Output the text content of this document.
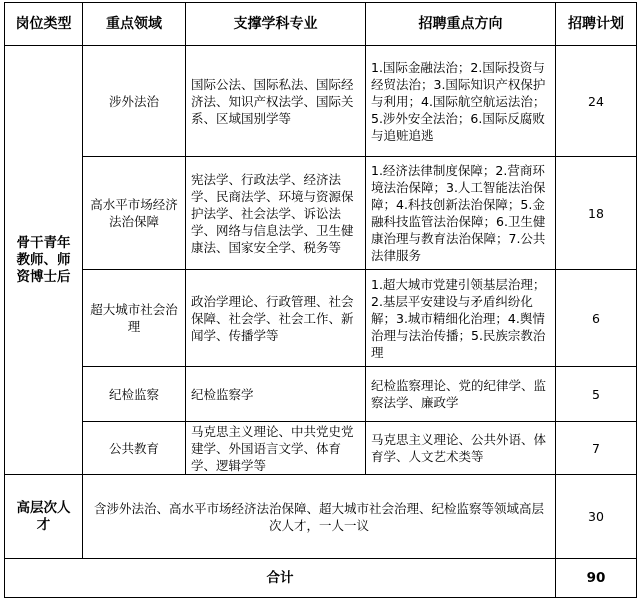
岗位类型	重点领域	支撑学科专业	招聘重点方向	招聘计划
骨干青年教师、师资博士后	涉外法治	国际公法、国际私法、国际经济法、知识产权法学、国际关系、区域国别学等	1.国际金融法治；2.国际投资与经贸法治；3.国际知识产权保护与利用；4.国际航空航运法治；5.涉外安全法治；6.国际反腐败与追赃追逃	24
	高水平市场经济法治保障	宪法学、行政法学、经济法学、民商法学、环境与资源保护法学、社会法学、诉讼法学、网络与信息法学、卫生健康法、国家安全学、税务等	1.经济法律制度保障；2.营商环境法治保障；3.人工智能法治保障；4.科技创新法治保障；5.金融科技监管法治保障；6.卫生健康治理与教育法治保障；7.公共法律服务	18
	超大城市社会治理	政治学理论、行政管理、社会保障、社会学、社会工作、新闻学、传播学等	1.超大城市党建引领基层治理；2.基层平安建设与矛盾纠纷化解；3.城市精细化治理；4.舆情治理与法治传播；5.民族宗教治理	6
	纪检监察	纪检监察学	纪检监察理论、党的纪律学、监察法学、廉政学	5
	公共教育	马克思主义理论、中共党史党建学、外国语言文学、体育学、逻辑学等	马克思主义理论、公共外语、体育学、人文艺术类等	7
高层次人才	含涉外法治、高水平市场经济法治保障、超大城市社会治理、纪检监察等领域高层次人才，一人一议			30
合计				90
